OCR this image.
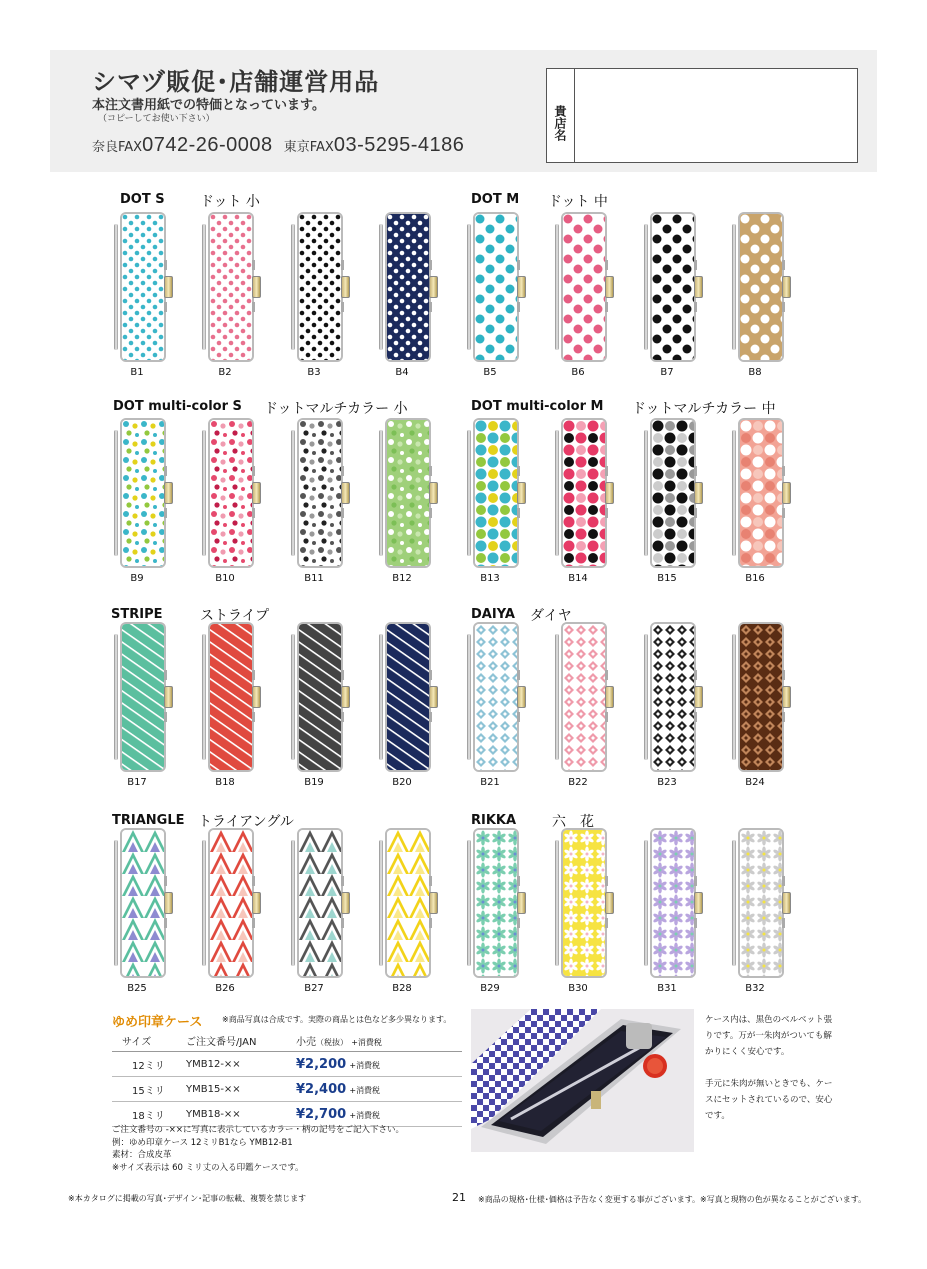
シマヅ販促･店舗運営用品
本注文書用紙での特価となっています。
（コピーしてお使い下さい）
奈良FAX0742-26-0008 東京FAX03-5295-4186
貴店名
DOT S	ドット 小	DOT M ドット 中
DOT multi-color S ドットマルチカラー 小	DOT multi-color M ドットマルチカラー 中
STRIPE	ストライプ	DAIYA ダイヤ
TRIANGLE トライアングル	RIKKA	六　花
B1	B2	B3	B4	B5	B6	B7	B8
B9	B10	B11	B12	B13	B14	B15	B16
B17	B18	B19	B20	B21	B22	B23	B24
B25	B26	B27	B28	B29	B30	B31	B32
ゆめ印章ケース ※商品写真は合成です。実際の商品とは色など多少異なります。
サイズ	ご注文番号/JAN	小売（税抜） +消費税
12ミリ	YMB12-××	¥2,200 +消費税
15ミリ	YMB15-××	¥2,400 +消費税
18ミリ	YMB18-××	¥2,700 +消費税
ご注文番号の -××に写真に表示しているカラー・柄の記号をご記入下さい。
例：ゆめ印章ケース 12ミリB1なら YMB12-B1
素材：合成皮革
※サイズ表示は 60 ミリ丈の入る印鑑ケースです。
ケース内は、黒色のベルベット張りです。万が一朱肉がついても解かりにくく安心です。
手元に朱肉が無いときでも、ケースにセットされているので、安心です。
※本カタログに掲載の写真･デザイン･記事の転載、複製を禁じます	21 ※商品の規格･仕様･価格は予告なく変更する事がございます。※写真と現物の色が異なることがございます。
